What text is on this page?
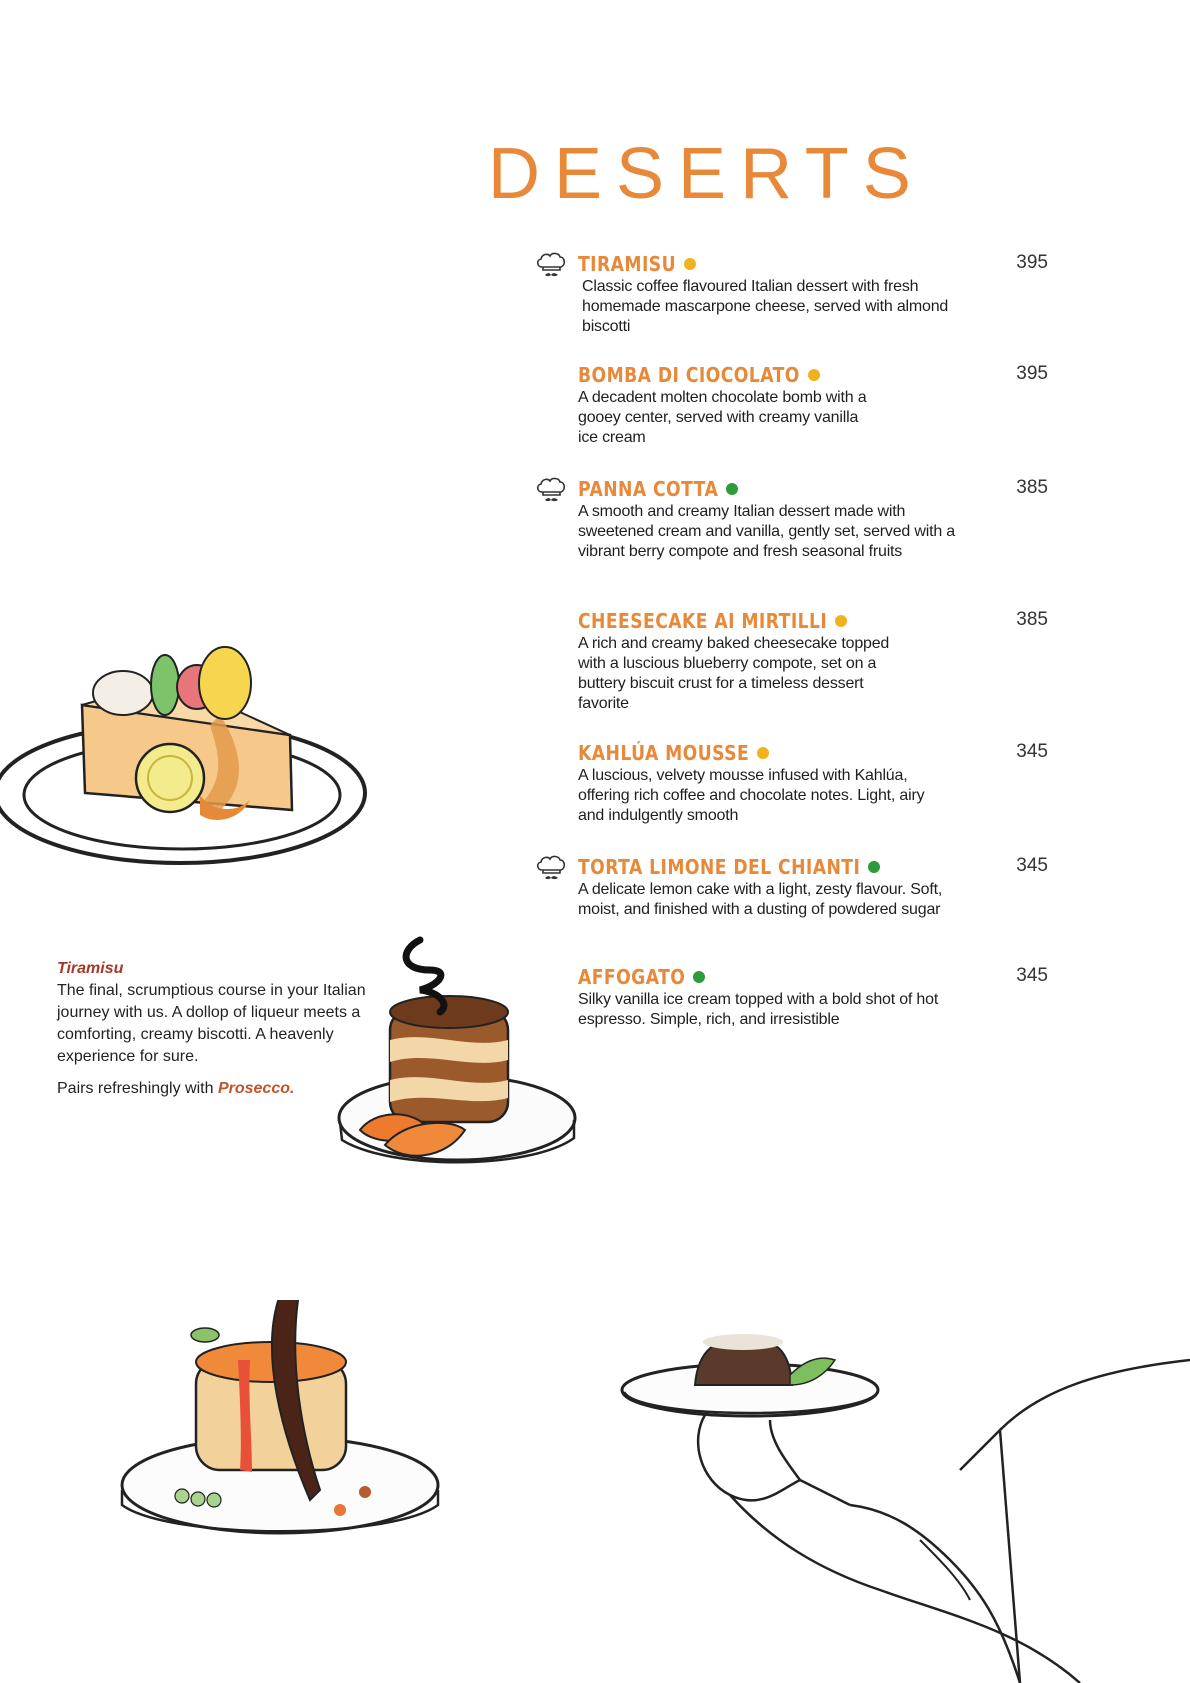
DESERTS
TIRAMISU	395
Classic coffee flavoured Italian dessert with fresh homemade mascarpone cheese, served with almond biscotti
BOMBA DI CIOCOLATO	395
A decadent molten chocolate bomb with a gooey center, served with creamy vanilla ice cream
PANNA COTTA	385
A smooth and creamy Italian dessert made with sweetened cream and vanilla, gently set, served with a vibrant berry compote and fresh seasonal fruits
CHEESECAKE AI MIRTILLI	385
A rich and creamy baked cheesecake topped with a luscious blueberry compote, set on a buttery biscuit crust for a timeless dessert favorite
KAHLÚA MOUSSE	345
A luscious, velvety mousse infused with Kahlúa, offering rich coffee and chocolate notes. Light, airy and indulgently smooth
TORTA LIMONE DEL CHIANTI	345
A delicate lemon cake with a light, zesty flavour. Soft, moist, and finished with a dusting of powdered sugar
AFFOGATO	345
Silky vanilla ice cream topped with a bold shot of hot espresso. Simple, rich, and irresistible

Tiramisu

The final, scrumptious course in your Italian journey with us. A dollop of liqueur meets a comforting, creamy biscotti. A heavenly experience for sure.

Pairs refreshingly with Prosecco.
